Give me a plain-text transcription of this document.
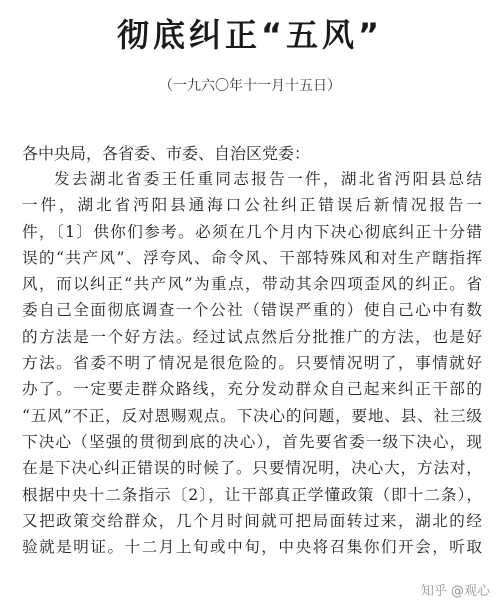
彻底纠正“五风”
（一九六〇年十一月十五日）
各中央局，各省委、市委、自治区党委：
发去湖北省委王任重同志报告一件，湖北省沔阳县总结
一件，湖北省沔阳县通海口公社纠正错误后新情况报告一
件，〔1〕供你们参考。必须在几个月内下决心彻底纠正十分错
误的“共产风”、浮夸风、命令风、干部特殊风和对生产瞎指挥
风，而以纠正“共产风”为重点，带动其余四项歪风的纠正。省
委自己全面彻底调查一个公社（错误严重的）使自己心中有数
的方法是一个好方法。经过试点然后分批推广的方法，也是好
方法。省委不明了情况是很危险的。只要情况明了，事情就好
办了。一定要走群众路线，充分发动群众自己起来纠正干部的
“五风”不正，反对恩赐观点。下决心的问题，要地、县、社三级
下决心（坚强的贯彻到底的决心），首先要省委一级下决心，现
在是下决心纠正错误的时候了。只要情况明，决心大，方法对，
根据中央十二条指示〔2〕，让干部真正学懂政策（即十二条），
又把政策交给群众，几个月时间就可把局面转过来，湖北的经
验就是明证。十二月上旬或中旬，中央将召集你们开会，听取
知乎 @观心
